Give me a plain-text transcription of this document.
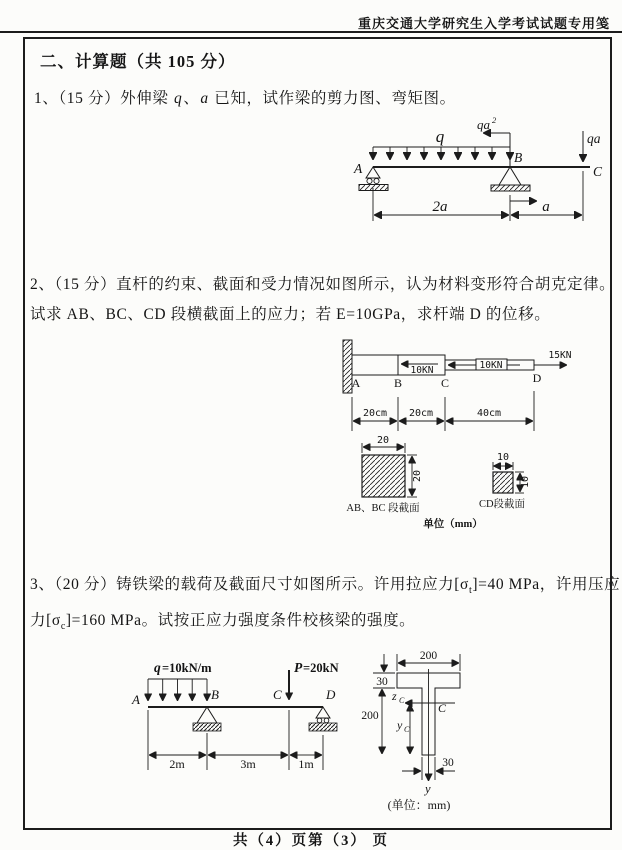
重庆交通大学研究生入学考试试题专用笺
二、计算题（共 105 分）
1、（15 分）外伸梁 q、a 已知，试作梁的剪力图、弯矩图。
q
qa 2
qa
A
B
C
2a	a
2、（15 分）直杆的约束、截面和受力情况如图所示，认为材料变形符合胡克定律。
试求 AB、BC、CD 段横截面上的应力；若 E=10GPa，求杆端 D 的位移。
10KN	10KN
15KN
A	B	C	D
20cm 20cm	40cm
20
20
AB、BC 段截面
10
10
CD段截面
单位（mm）
3、（20 分）铸铁梁的载荷及截面尺寸如图所示。许用拉应力$[\sigma_t]=40$ MPa，许用压应
力$[\sigma_c]=160$ MPa。试按正应力强度条件校核梁的强度。
q =10kN/m	P =20kN
A	B	C	D
2m	3m	1m
200
30
200
30
z C
C
y C
y
(单位：mm)
共（4）页第（3） 页
